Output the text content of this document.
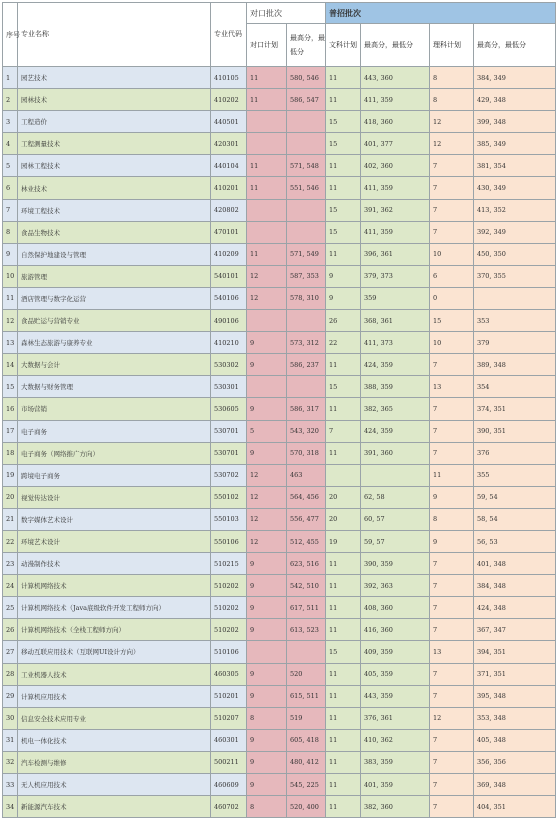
序号	专业名称	专业代码	对口批次		普招批次			
			对口计划	最高分，最低分	文科计划	最高分，最低分	理科计划	最高分，最低分
1	园艺技术	410105	11	580, 546	11	443, 360	8	384, 349
2	园林技术	410202	11	586, 547	11	411, 359	8	429, 348
3	工程造价	440501			15	418, 360	12	399, 348
4	工程测量技术	420301			15	401, 377	12	385, 349
5	园林工程技术	440104	11	571, 548	11	402, 360	7	381, 354
6	林业技术	410201	11	551, 546	11	411, 359	7	430, 349
7	环境工程技术	420802			15	391, 362	7	413, 352
8	食品生物技术	470101			15	411, 359	7	392, 349
9	自然保护地建设与管理	410209	11	571, 549	11	396, 361	10	450, 350
10	旅游管理	540101	12	587, 353	9	379, 373	6	370, 355
11	酒店管理与数字化运营	540106	12	578, 310	9	359	0	
12	食品贮运与营销专业	490106			26	368, 361	15	353
13	森林生态旅游与康养专业	410210	9	573, 312	22	411, 373	10	379
14	大数据与会计	530302	9	586, 237	11	424, 359	7	389, 348
15	大数据与财务管理	530301			15	388, 359	13	354
16	市场营销	530605	9	586, 317	11	382, 365	7	374, 351
17	电子商务	530701	5	543, 320	7	424, 359	7	390, 351
18	电子商务（网络推广方向）	530701	9	570, 318	11	391, 360	7	376
19	跨境电子商务	530702	12	463			11	355
20	视觉传达设计	550102	12	564, 456	20	62, 58	9	59, 54
21	数字媒体艺术设计	550103	12	556, 477	20	60, 57	8	58, 54
22	环境艺术设计	550106	12	512, 455	19	59, 57	9	56, 53
23	动漫制作技术	510215	9	623, 516	11	390, 359	7	401, 348
24	计算机网络技术	510202	9	542, 510	11	392, 363	7	384, 348
25	计算机网络技术（Java底级软件开发工程师方向）	510202	9	617, 511	11	408, 360	7	424, 348
26	计算机网络技术（全栈工程师方向）	510202	9	613, 523	11	416, 360	7	367, 347
27	移动互联应用技术（互联网UI设计方向）	510106			15	409, 359	13	394, 351
28	工业机器人技术	460305	9	520	11	405, 359	7	371, 351
29	计算机应用技术	510201	9	615, 511	11	443, 359	7	395, 348
30	信息安全技术应用专业	510207	8	519	11	376, 361	12	353, 348
31	机电一体化技术	460301	9	605, 418	11	410, 362	7	405, 348
32	汽车检测与维修	500211	9	480, 412	11	383, 359	7	356, 356
33	无人机应用技术	460609	9	545, 225	11	401, 359	7	369, 348
34	新能源汽车技术	460702	8	520, 400	11	382, 360	7	404, 351
